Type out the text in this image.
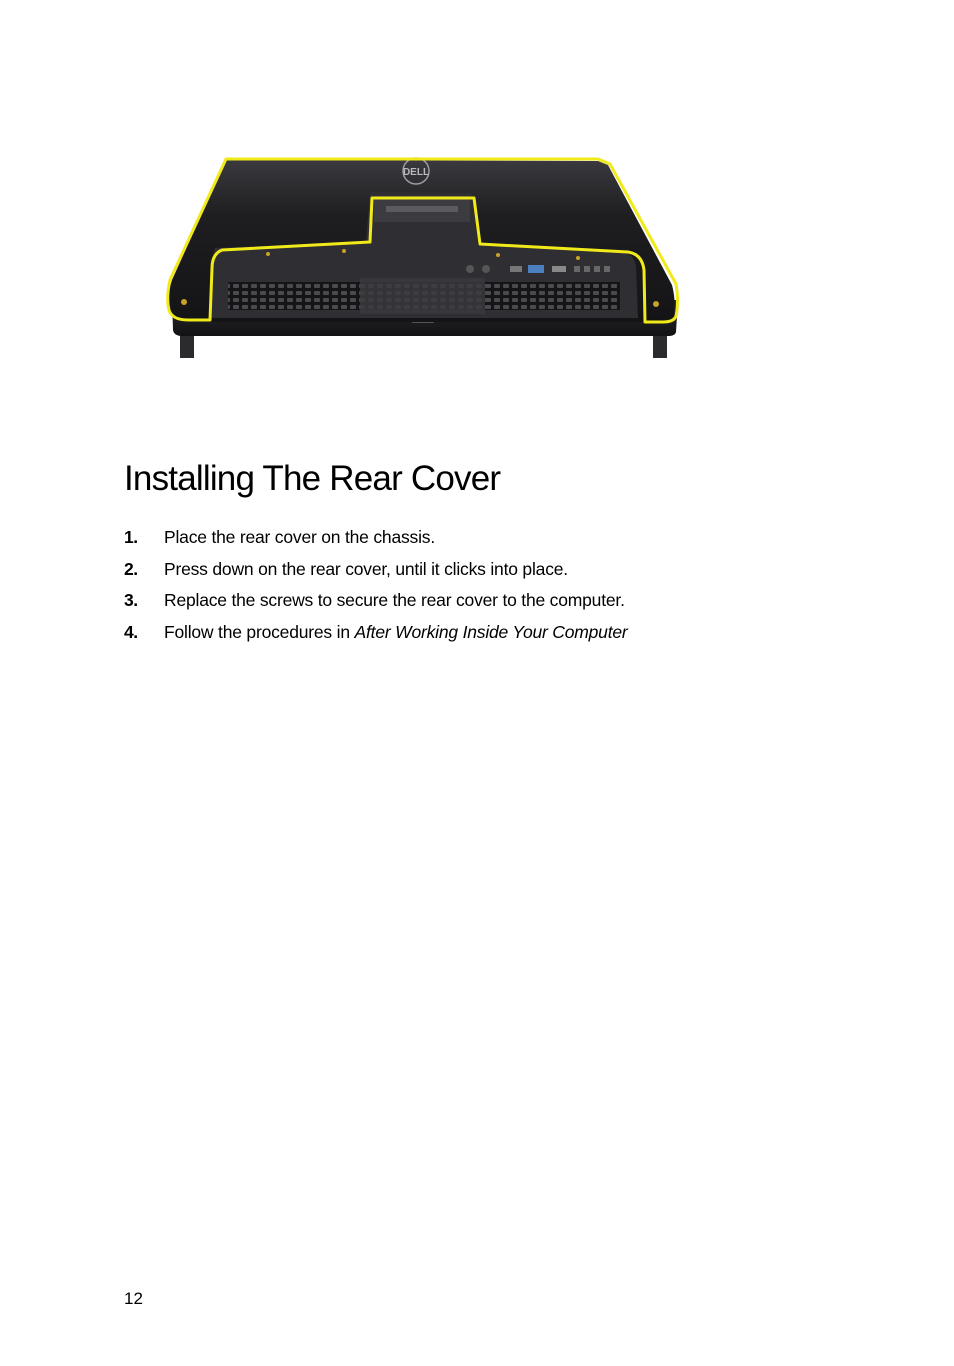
DELL
Installing The Rear Cover
1. Place the rear cover on the chassis.
2. Press down on the rear cover, until it clicks into place.
3. Replace the screws to secure the rear cover to the computer.
4. Follow the procedures in After Working Inside Your Computer
12
